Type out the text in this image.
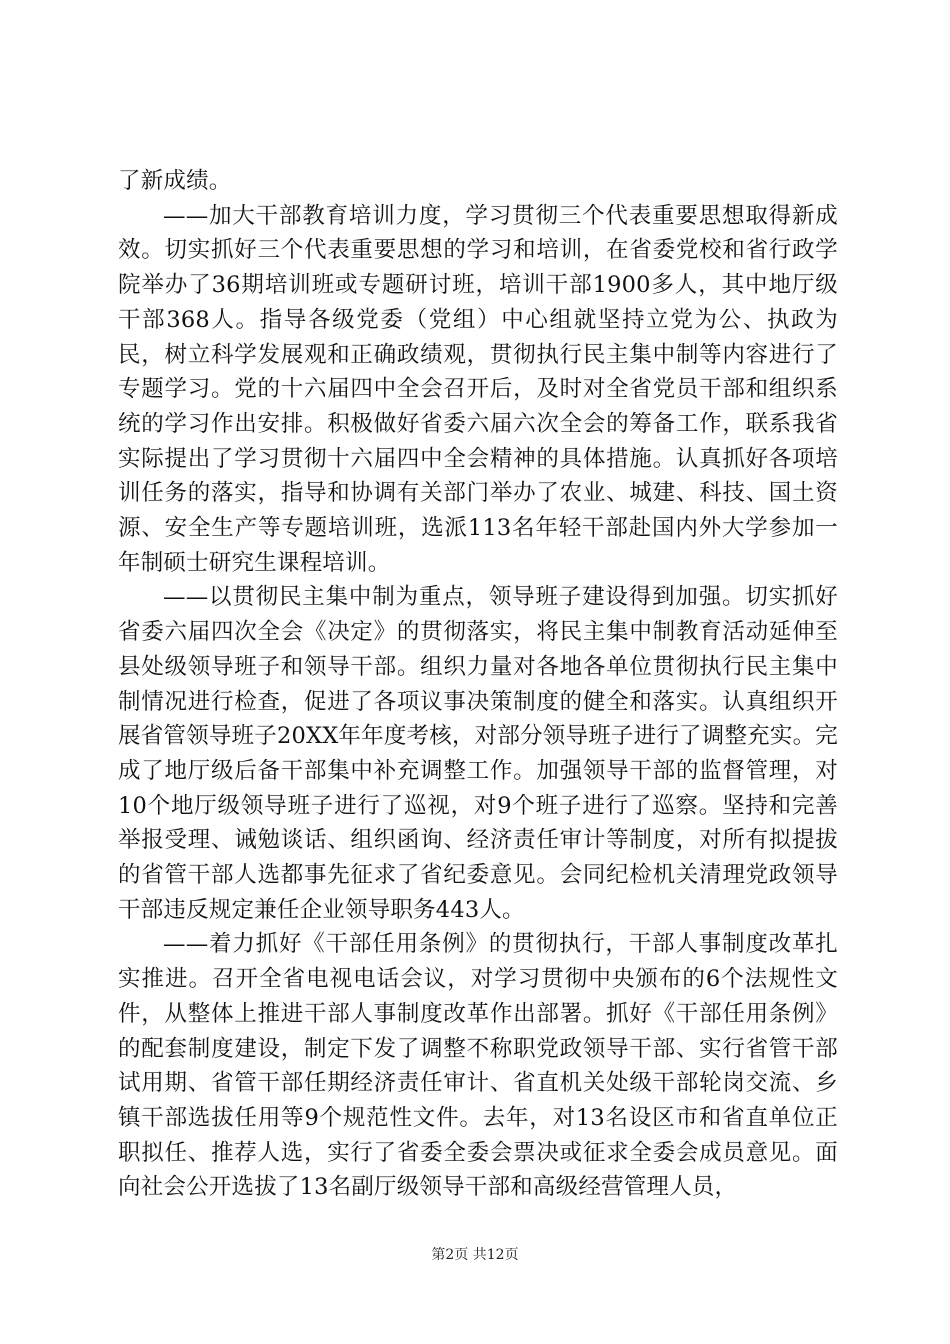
了新成绩。

——加大干部教育培训力度，学习贯彻三个代表重要思想取得新成效。切实抓好三个代表重要思想的学习和培训，在省委党校和省行政学院举办了36期培训班或专题研讨班，培训干部1900多人，其中地厅级干部368人。指导各级党委（党组）中心组就坚持立党为公、执政为民，树立科学发展观和正确政绩观，贯彻执行民主集中制等内容进行了专题学习。党的十六届四中全会召开后，及时对全省党员干部和组织系统的学习作出安排。积极做好省委六届六次全会的筹备工作，联系我省实际提出了学习贯彻十六届四中全会精神的具体措施。认真抓好各项培训任务的落实，指导和协调有关部门举办了农业、城建、科技、国土资源、安全生产等专题培训班，选派113名年轻干部赴国内外大学参加一年制硕士研究生课程培训。

——以贯彻民主集中制为重点，领导班子建设得到加强。切实抓好省委六届四次全会《决定》的贯彻落实，将民主集中制教育活动延伸至县处级领导班子和领导干部。组织力量对各地各单位贯彻执行民主集中制情况进行检查，促进了各项议事决策制度的健全和落实。认真组织开展省管领导班子20XX年年度考核，对部分领导班子进行了调整充实。完成了地厅级后备干部集中补充调整工作。加强领导干部的监督管理，对10个地厅级领导班子进行了巡视，对9个班子进行了巡察。坚持和完善举报受理、诫勉谈话、组织函询、经济责任审计等制度，对所有拟提拔的省管干部人选都事先征求了省纪委意见。会同纪检机关清理党政领导干部违反规定兼任企业领导职务443人。

——着力抓好《干部任用条例》的贯彻执行，干部人事制度改革扎实推进。召开全省电视电话会议，对学习贯彻中央颁布的6个法规性文件，从整体上推进干部人事制度改革作出部署。抓好《干部任用条例》的配套制度建设，制定下发了调整不称职党政领导干部、实行省管干部试用期、省管干部任期经济责任审计、省直机关处级干部轮岗交流、乡镇干部选拔任用等9个规范性文件。去年，对13名设区市和省直单位正职拟任、推荐人选，实行了省委全委会票决或征求全委会成员意见。面向社会公开选拔了13名副厅级领导干部和高级经营管理人员，

第2页 共12页
